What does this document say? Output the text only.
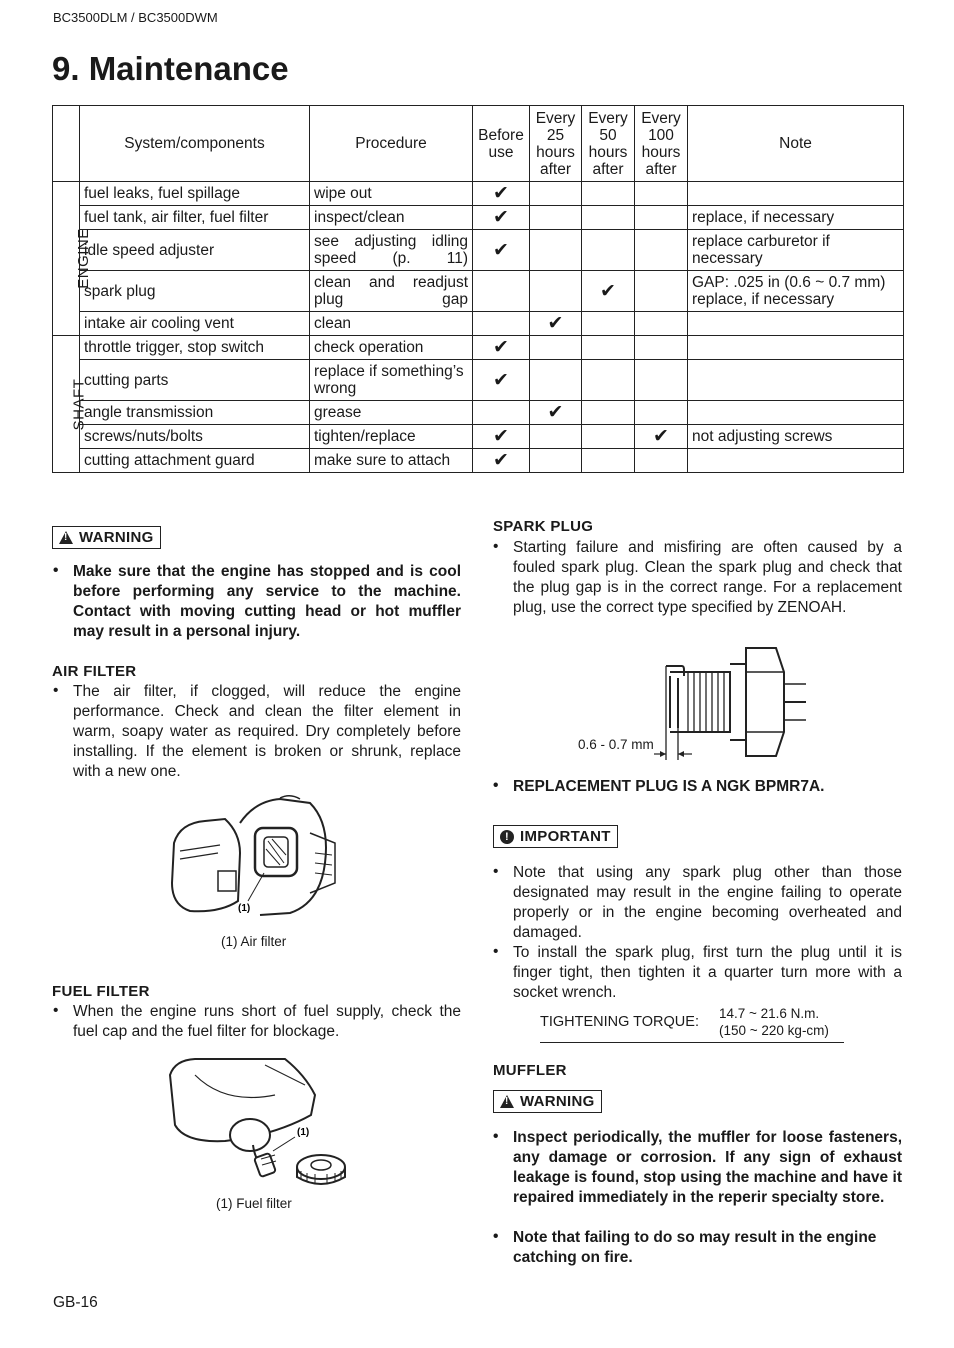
BC3500DLM / BC3500DWM
9. Maintenance
	System/components	Procedure	Before use	Every 25 hours after	Every 50 hours after	Every 100 hours after	Note
ENGINE	fuel leaks, fuel spillage	wipe out	✔				
	fuel tank, air filter, fuel filter	inspect/clean	✔				replace, if necessary
	idle speed adjuster	see adjusting idling speed (p. 11)	✔				replace carburetor if necessary
	spark plug	clean and readjust plug gap			✔		GAP: .025 in (0.6 ~ 0.7 mm) replace, if necessary
	intake air cooling vent	clean		✔			
SHAFT	throttle trigger, stop switch	check operation	✔				
	cutting parts	replace if something’s wrong	✔				
	angle transmission	grease		✔			
	screws/nuts/bolts	tighten/replace	✔			✔	not adjusting screws
	cutting attachment guard	make sure to attach	✔				
!
WARNING
• Make sure that the engine has stopped and is cool before performing any service to the machine. Contact with moving cutting head or hot muffler may result in a personal injury.
AIR FILTER
• The air filter, if clogged, will reduce the engine performance. Check and clean the filter element in warm, soapy water as required. Dry completely before installing. If the element is broken or shrunk, replace with a new one.
(1)
(1) Air filter
FUEL FILTER
• When the engine runs short of fuel supply, check the fuel cap and the fuel filter for blockage.
(1)
(1) Fuel filter
SPARK PLUG
• Starting failure and misfiring are often caused by a fouled spark plug. Clean the spark plug and check that the plug gap is in the correct range. For a replacement plug, use the correct type specified by ZENOAH.
0.6 - 0.7 mm
• REPLACEMENT PLUG IS A NGK BPMR7A.
! IMPORTANT
• Note that using any spark plug other than those designated may result in the engine failing to operate properly or in the engine becoming overheated and damaged.
• To install the spark plug, first turn the plug until it is finger tight, then tighten it a quarter turn more with a socket wrench.
TIGHTENING TORQUE:
14.7 ~ 21.6 N.m.
(150 ~ 220 kg-cm)
MUFFLER
!
WARNING
• Inspect periodically, the muffler for loose fasteners, any damage or corrosion. If any sign of exhaust leakage is found, stop using the machine and have it repaired immediately in the reperir specialty store.
• Note that failing to do so may result in the engine catching on fire.
GB-16
